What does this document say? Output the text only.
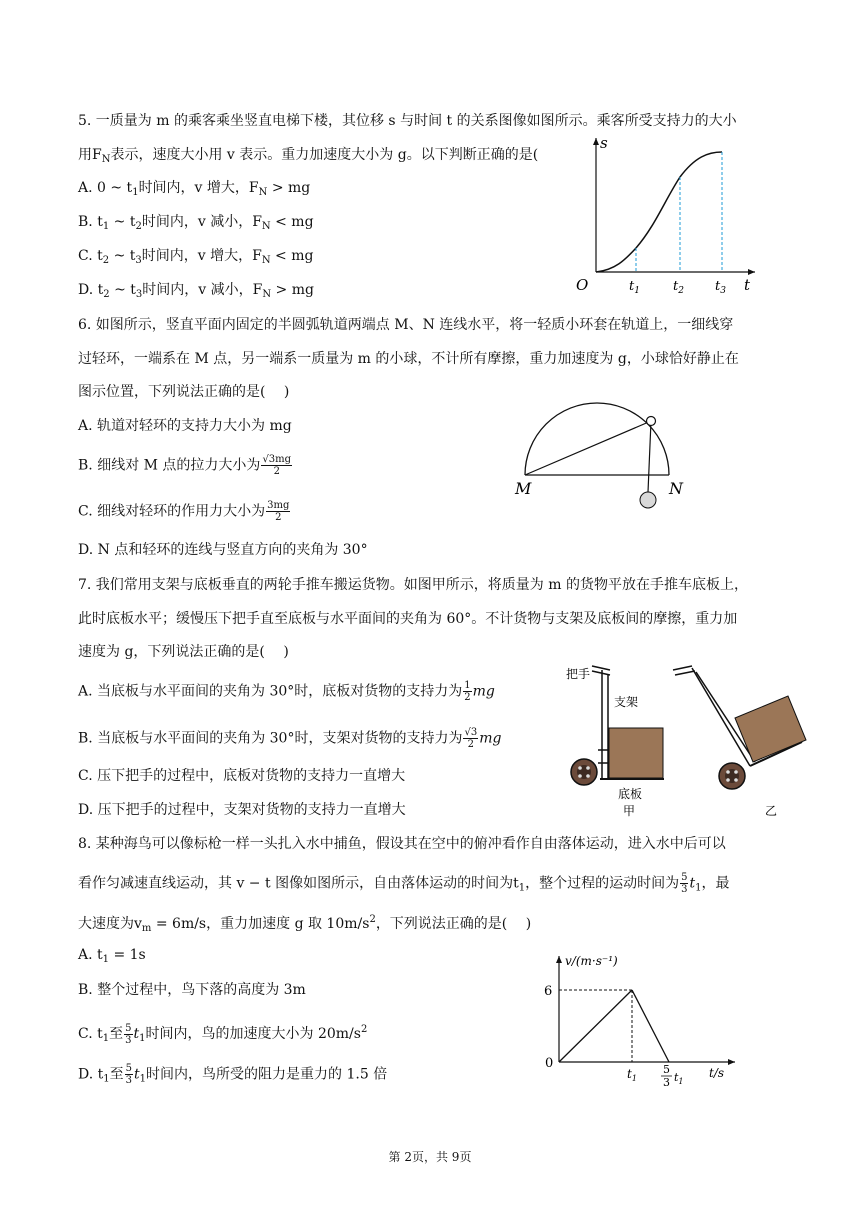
5. 一质量为 m 的乘客乘坐竖直电梯下楼，其位移 s 与时间 t 的关系图像如图所示。乘客所受支持力的大小
用$F_N$表示，速度大小用 v 表示。重力加速度大小为 g。以下判断正确的是(
A. 0 ~ $t_1$时间内，v 增大，$F_N$ > mg
B. $t_1$ ~ $t_2$时间内，v 减小，$F_N$ < mg
C. $t_2$ ~ $t_3$时间内，v 增大，$F_N$ < mg
D. $t_2$ ~ $t_3$时间内，v 减小，$F_N$ > mg
s
t
O	$t_1$	$t_2$ $t_3$
6. 如图所示，竖直平面内固定的半圆弧轨道两端点 M、N 连线水平，将一轻质小环套在轨道上，一细线穿
过轻环，一端系在 M 点，另一端系一质量为 m 的小球，不计所有摩擦，重力加速度为 g，小球恰好静止在
图示位置，下列说法正确的是(　 )
A. 轨道对轻环的支持力大小为 mg
B. 细线对 M 点的拉力大小为 $\frac{√3mg}{2}$
C. 细线对轻环的作用力大小为 $\frac{3mg}{2}$
D. N 点和轻环的连线与竖直方向的夹角为 30°
M	N
7. 我们常用支架与底板垂直的两轮手推车搬运货物。如图甲所示，将质量为 m 的货物平放在手推车底板上，
此时底板水平；缓慢压下把手直至底板与水平面间的夹角为 60°。不计货物与支架及底板间的摩擦，重力加
速度为 g，下列说法正确的是(　 )
A. 当底板与水平面间的夹角为 30°时，底板对货物的支持力为 $\frac{1}{2}$ mg
B. 当底板与水平面间的夹角为 30°时，支架对货物的支持力为 $\frac{√3}{2}$ mg
C. 压下把手的过程中，底板对货物的支持力一直增大
D. 压下把手的过程中，支架对货物的支持力一直增大
把手
支架
底板
甲	乙
8. 某种海鸟可以像标枪一样一头扎入水中捕鱼，假设其在空中的俯冲看作自由落体运动，进入水中后可以
看作匀减速直线运动，其 v − t 图像如图所示，自由落体运动的时间为$t_1$，整个过程的运动时间为 $\frac{5}{3} t_1$，最
大速度为$v_m = 6m/s$，重力加速度 g 取 $10m/s^2$，下列说法正确的是(　 )
A. $t_1 = 1s$
B. 整个过程中，鸟下落的高度为 3m
C. $t_1$至 $\frac{5}{3} t_1$时间内，鸟的加速度大小为 $20m/s^2$
D. $t_1$至 $\frac{5}{3} t_1$时间内，鸟所受的阻力是重力的 1.5 倍
v/(m·s⁻¹)
t/s
6
0
$t_1$
5
3 $t_1$
第 2页，共 9页
